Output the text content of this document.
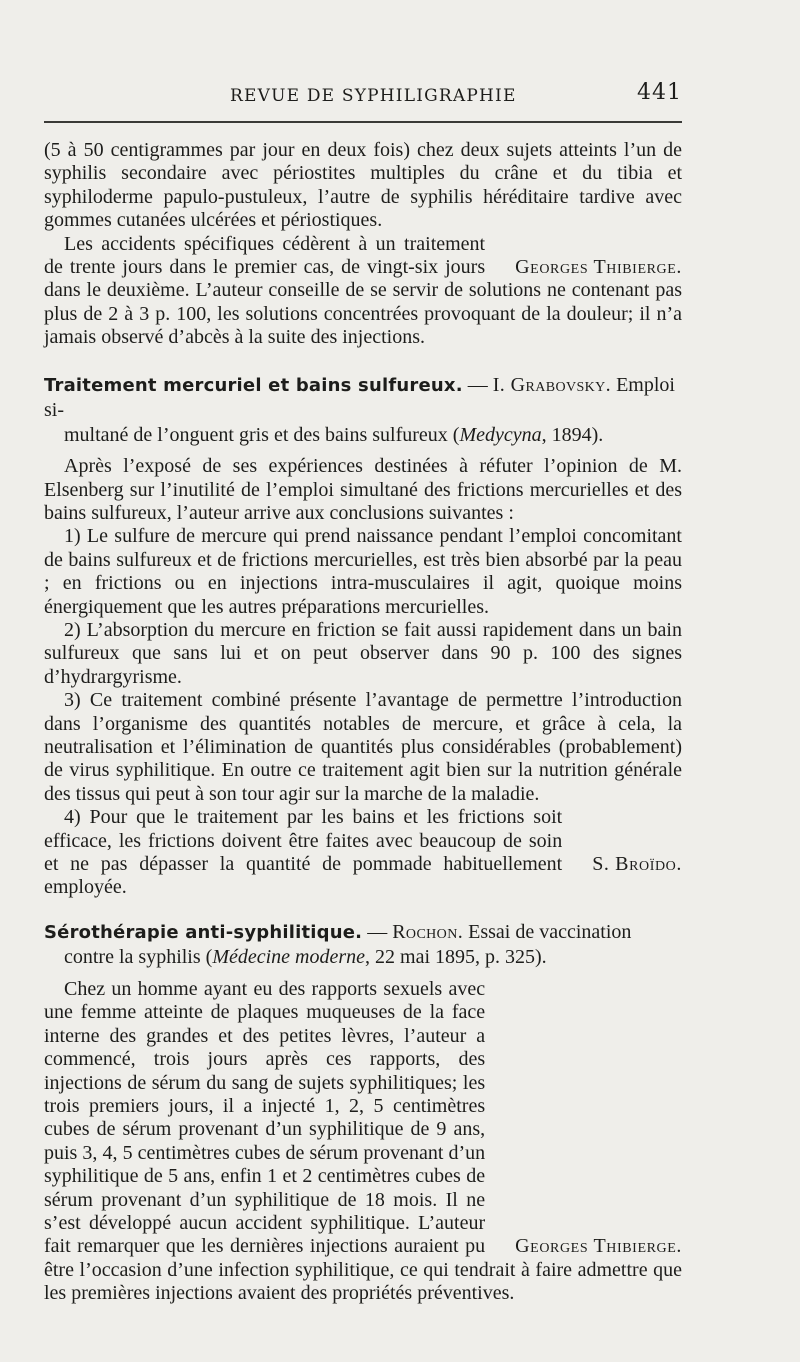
REVUE DE SYPHILIGRAPHIE	441

(5 à 50 centigrammes par jour en deux fois) chez deux sujets atteints l’un de syphilis secondaire avec périostites multiples du crâne et du tibia et syphiloderme papulo-pustuleux, l’autre de syphilis héréditaire tardive avec gommes cutanées ulcérées et périostiques.

Georges Thibierge.
Les accidents spécifiques cédèrent à un traitement de trente jours dans le premier cas, de vingt-six jours dans le deuxième. L’auteur conseille de se servir de solutions ne contenant pas plus de 2 à 3 p. 100, les solutions concentrées provoquant de la douleur; il n’a jamais observé d’abcès à la suite des injections.

Traitement mercuriel et bains sulfureux. — I. Grabovsky. Emploi si-
multané de l’onguent gris et des bains sulfureux (Medycyna, 1894).

Après l’exposé de ses expériences destinées à réfuter l’opinion de M. Elsenberg sur l’inutilité de l’emploi simultané des frictions mercurielles et des bains sulfureux, l’auteur arrive aux conclusions suivantes :

1) Le sulfure de mercure qui prend naissance pendant l’emploi concomitant de bains sulfureux et de frictions mercurielles, est très bien absorbé par la peau ; en frictions ou en injections intra-musculaires il agit, quoique moins énergiquement que les autres préparations mercurielles.

2) L’absorption du mercure en friction se fait aussi rapidement dans un bain sulfureux que sans lui et on peut observer dans 90 p. 100 des signes d’hydrargyrisme.

3) Ce traitement combiné présente l’avantage de permettre l’introduction dans l’organisme des quantités notables de mercure, et grâce à cela, la neutralisation et l’élimination de quantités plus considérables (probablement) de virus syphilitique. En outre ce traitement agit bien sur la nutrition générale des tissus qui peut à son tour agir sur la marche de la maladie.

S. Broïdo.
4) Pour que le traitement par les bains et les frictions soit efficace, les frictions doivent être faites avec beaucoup de soin et ne pas dépasser la quantité de pommade habituellement employée.

Sérothérapie anti-syphilitique. — Rochon. Essai de vaccination
contre la syphilis (Médecine moderne, 22 mai 1895, p. 325).

Georges Thibierge.
Chez un homme ayant eu des rapports sexuels avec une femme atteinte de plaques muqueuses de la face interne des grandes et des petites lèvres, l’auteur a commencé, trois jours après ces rapports, des injections de sérum du sang de sujets syphilitiques; les trois premiers jours, il a injecté 1, 2, 5 centimètres cubes de sérum provenant d’un syphilitique de 9 ans, puis 3, 4, 5 centimètres cubes de sérum provenant d’un syphilitique de 5 ans, enfin 1 et 2 centimètres cubes de sérum provenant d’un syphilitique de 18 mois. Il ne s’est développé aucun accident syphilitique. L’auteur fait remarquer que les dernières injections auraient pu être l’occasion d’une infection syphilitique, ce qui tendrait à faire admettre que les premières injections avaient des propriétés préventives.
